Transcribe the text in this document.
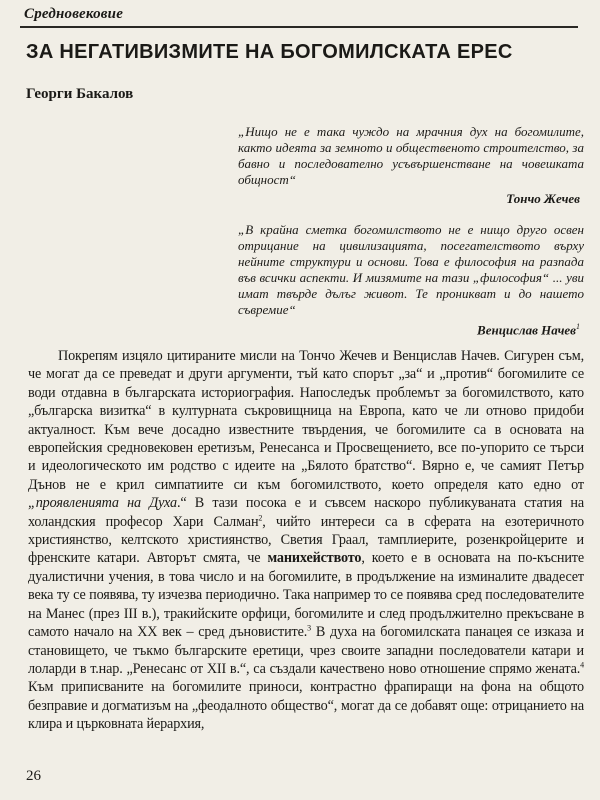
Средновековие
ЗА НЕГАТИВИЗМИТЕ НА БОГОМИЛСКАТА ЕРЕС
Георги Бакалов
„Нищо не е така чуждо на мрачния дух на богомилите, както идеята за земното и общественото строителство, за бавно и последователно усъвършенстване на човешката общност“
Тончо Жечев
„В крайна сметка богомилството не е нищо друго освен отрицание на цивилизацията, посегателството върху нейните структури и основи. Това е философия на разпада във всички аспекти. И мизямите на тази „философия“ ... уви имат твърде дълъг живот. Те проникват и до нашето съвремие“
Венцислав Начев$^1$

Покрепям изцяло цитираните мисли на Тончо Жечев и Венцислав Начев. Сигурен съм, че могат да се преведат и други аргументи, тъй като спорът „за“ и „против“ богомилите се води отдавна в българската историография. Напоследък проблемът за богомилството, като „българска визитка“ в културната съкровищница на Европа, като че ли отново придоби актуалност. Към вече досадно известните твърдения, че богомилите са в основата на европейския средновековен еретизъм, Ренесанса и Просвещението, все по-упорито се търси и идеологическото им родство с идеите на „Бялото братство“. Вярно е, че самият Петър Дънов не е крил симпатиите си към богомилството, което определя като едно от „проявленията на Духа.“ В тази посока е и съвсем наскоро публикуваната статия на холандския професор Хари Салман$^2$, чийто интереси са в сферата на езотеричното християнство, келтското християнство, Светия Граал, тамплиерите, розенкройцерите и френските катари. Авторът смята, че манихейството, което е в основата на по-късните дуалистични учения, в това число и на богомилите, в продължение на изминалите двадесет века ту се появява, ту изчезва периодично. Така например то се появява сред последователите на Манес (през III в.), тракийските орфици, богомилите и след продължително прекъсване в самото начало на XX век – сред дъновистите.$^3$ В духа на богомилската панацея се изказа и становището, че тъкмо българските еретици, чрез своите западни последователи катари и лоларди в т.нар. „Ренесанс от XII в.“, са създали качествено ново отношение спрямо жената.$^4$ Към приписваните на богомилите приноси, контрастно фрапиращи на фона на общото безправие и догматизъм на „феодалното общество“, могат да се добавят още: отрицанието на клира и църковната йерархия,

26
